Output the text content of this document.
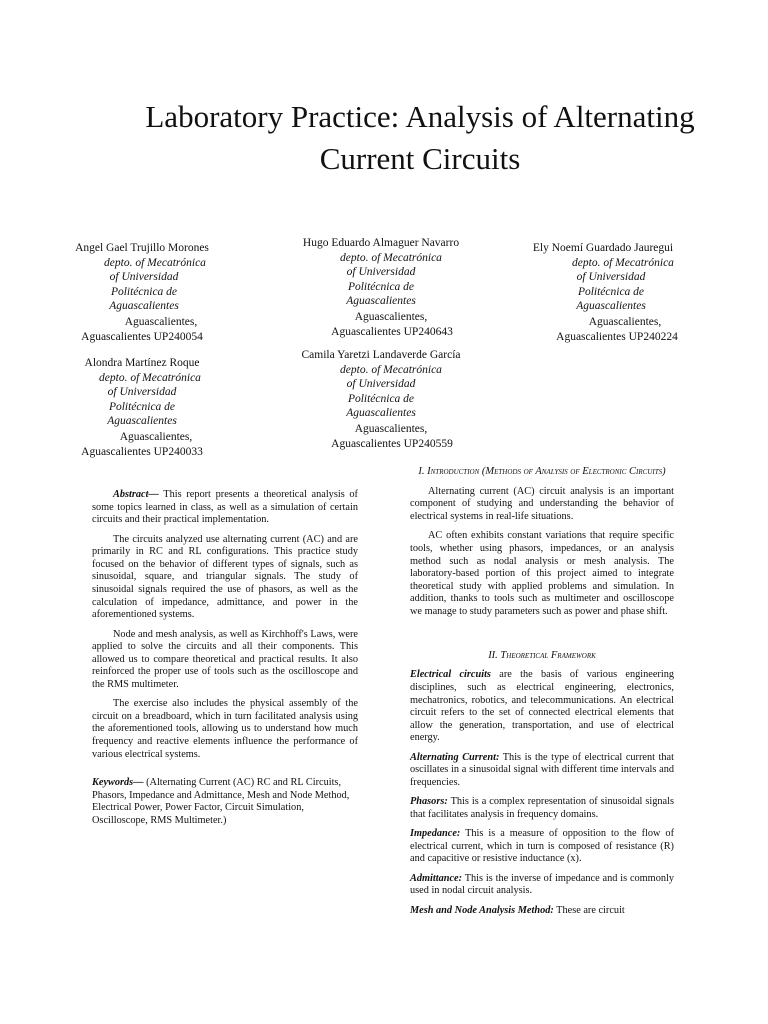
Laboratory Practice: Analysis of Alternating Current Circuits
Angel Gael Trujillo Morones
depto. of Mecatrónica
of Universidad Politécnica de Aguascalientes
Aguascalientes,
Aguascalientes UP240054
Hugo Eduardo Almaguer Navarro
depto. of Mecatrónica
of Universidad Politécnica de Aguascalientes
Aguascalientes,
Aguascalientes UP240643
Ely Noemí Guardado Jauregui
depto. of Mecatrónica
of Universidad Politécnica de Aguascalientes
Aguascalientes,
Aguascalientes UP240224
Alondra Martínez Roque
depto. of Mecatrónica
of Universidad Politécnica de Aguascalientes
Aguascalientes,
Aguascalientes UP240033
Camila Yaretzi Landaverde García
depto. of Mecatrónica
of Universidad Politécnica de Aguascalientes
Aguascalientes,
Aguascalientes UP240559

Abstract— This report presents a theoretical analysis of some topics learned in class, as well as a simulation of certain circuits and their practical implementation.

The circuits analyzed use alternating current (AC) and are primarily in RC and RL configurations. This practice study focused on the behavior of different types of signals, such as sinusoidal, square, and triangular signals. The study of sinusoidal signals required the use of phasors, as well as the calculation of impedance, admittance, and power in the aforementioned systems.

Node and mesh analysis, as well as Kirchhoff's Laws, were applied to solve the circuits and all their components. This allowed us to compare theoretical and practical results. It also reinforced the proper use of tools such as the oscilloscope and the RMS multimeter.

The exercise also includes the physical assembly of the circuit on a breadboard, which in turn facilitated analysis using the aforementioned tools, allowing us to understand how much frequency and reactive elements influence the performance of various electrical systems.

Keywords— (Alternating Current (AC) RC and RL Circuits, Phasors, Impedance and Admittance, Mesh and Node Method, Electrical Power, Power Factor, Circuit Simulation, Oscilloscope, RMS Multimeter.)

I. Introduction (Methods of Analysis of Electronic Circuits)

Alternating current (AC) circuit analysis is an important component of studying and understanding the behavior of electrical systems in real-life situations.

AC often exhibits constant variations that require specific tools, whether using phasors, impedances, or an analysis method such as nodal analysis or mesh analysis. The laboratory-based portion of this project aimed to integrate theoretical study with applied problems and simulation. In addition, thanks to tools such as multimeter and oscilloscope we manage to study parameters such as power and phase shift.

II. Theoretical Framework

Electrical circuits are the basis of various engineering disciplines, such as electrical engineering, electronics, mechatronics, robotics, and telecommunications. An electrical circuit refers to the set of connected electrical elements that allow the generation, transportation, and use of electrical energy.

Alternating Current: This is the type of electrical current that oscillates in a sinusoidal signal with different time intervals and frequencies.

Phasors: This is a complex representation of sinusoidal signals that facilitates analysis in frequency domains.

Impedance: This is a measure of opposition to the flow of electrical current, which in turn is composed of resistance (R) and capacitive or resistive inductance (x).

Admittance: This is the inverse of impedance and is commonly used in nodal circuit analysis.

Mesh and Node Analysis Method: These are circuit
